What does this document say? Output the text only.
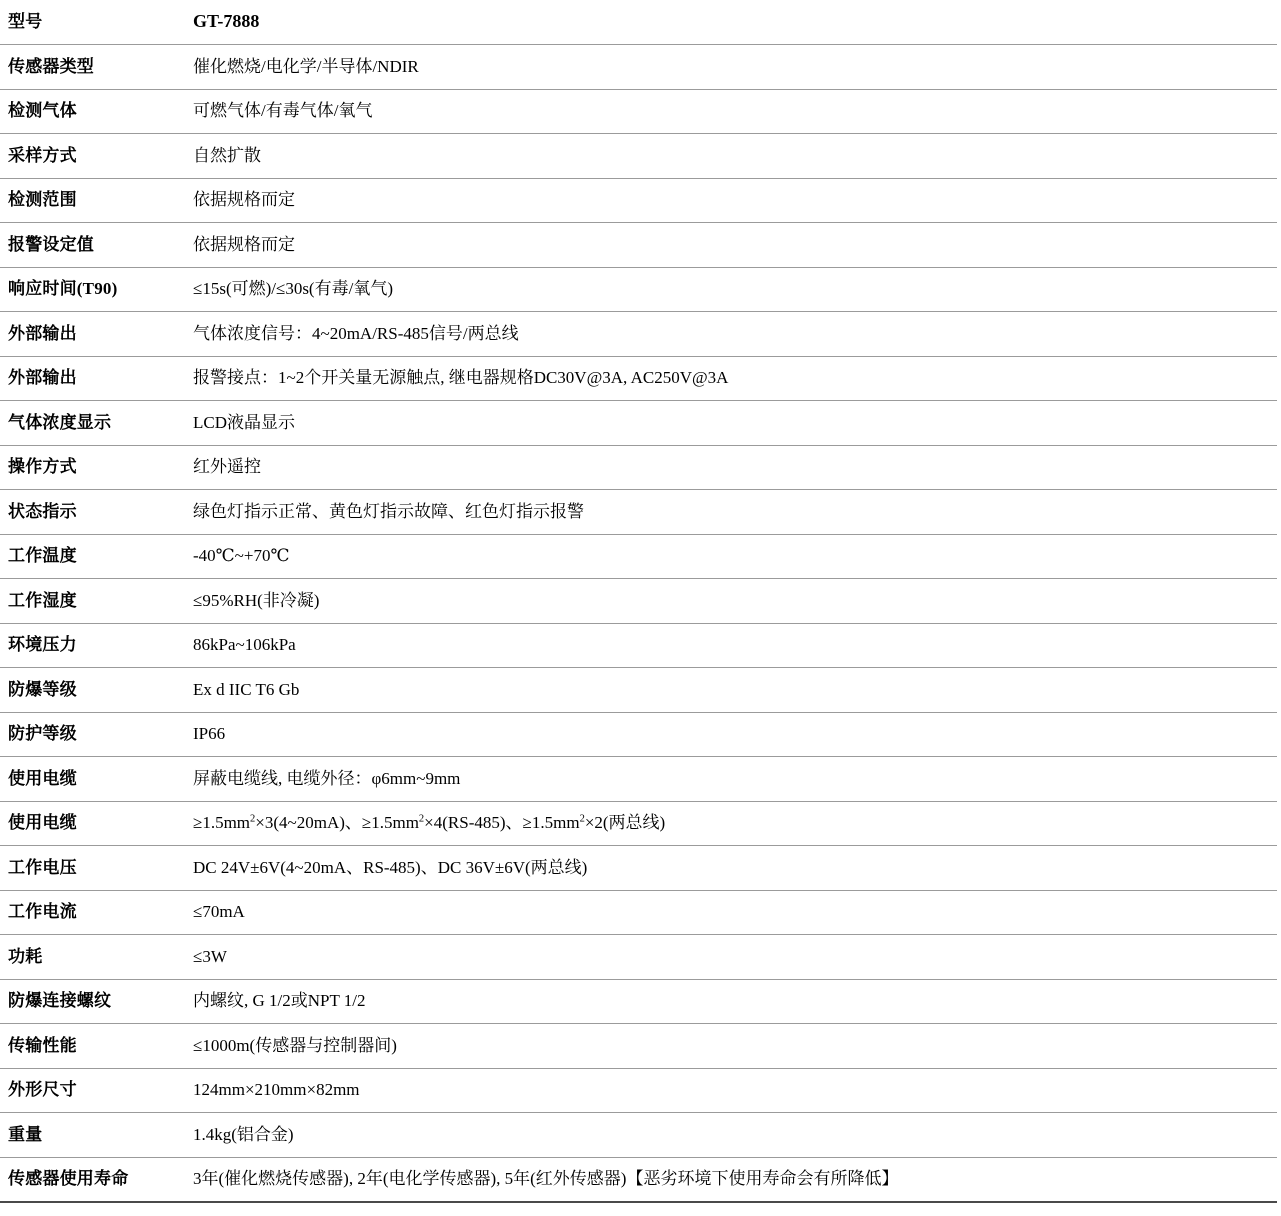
型号	GT-7888
传感器类型	催化燃烧/电化学/半导体/NDIR
检测气体	可燃气体/有毒气体/氧气
采样方式	自然扩散
检测范围	依据规格而定
报警设定值	依据规格而定
响应时间(T90)	≤15s(可燃)/≤30s(有毒/氧气)
外部输出	气体浓度信号：4~20mA/RS-485信号/两总线
外部输出	报警接点：1~2个开关量无源触点, 继电器规格DC30V@3A, AC250V@3A
气体浓度显示	LCD液晶显示
操作方式	红外遥控
状态指示	绿色灯指示正常、黄色灯指示故障、红色灯指示报警
工作温度	-40℃~+70℃
工作湿度	≤95%RH(非冷凝)
环境压力	86kPa~106kPa
防爆等级	Ex d IIC T6 Gb
防护等级	IP66
使用电缆	屏蔽电缆线, 电缆外径：φ6mm~9mm
使用电缆	$\ge 1.5mm^2\times 3(4\sim 20mA)$、$\ge 1.5mm^2\times 4(RS-485)$、$\ge 1.5mm^2\times 2$(两总线)
工作电压	DC 24V±6V(4~20mA、RS-485)、DC 36V±6V(两总线)
工作电流	≤70mA
功耗	≤3W
防爆连接螺纹	内螺纹, G 1/2或NPT 1/2
传输性能	≤1000m(传感器与控制器间)
外形尺寸	124mm×210mm×82mm
重量	1.4kg(铝合金)
传感器使用寿命	3年(催化燃烧传感器), 2年(电化学传感器), 5年(红外传感器)【恶劣环境下使用寿命会有所降低】
